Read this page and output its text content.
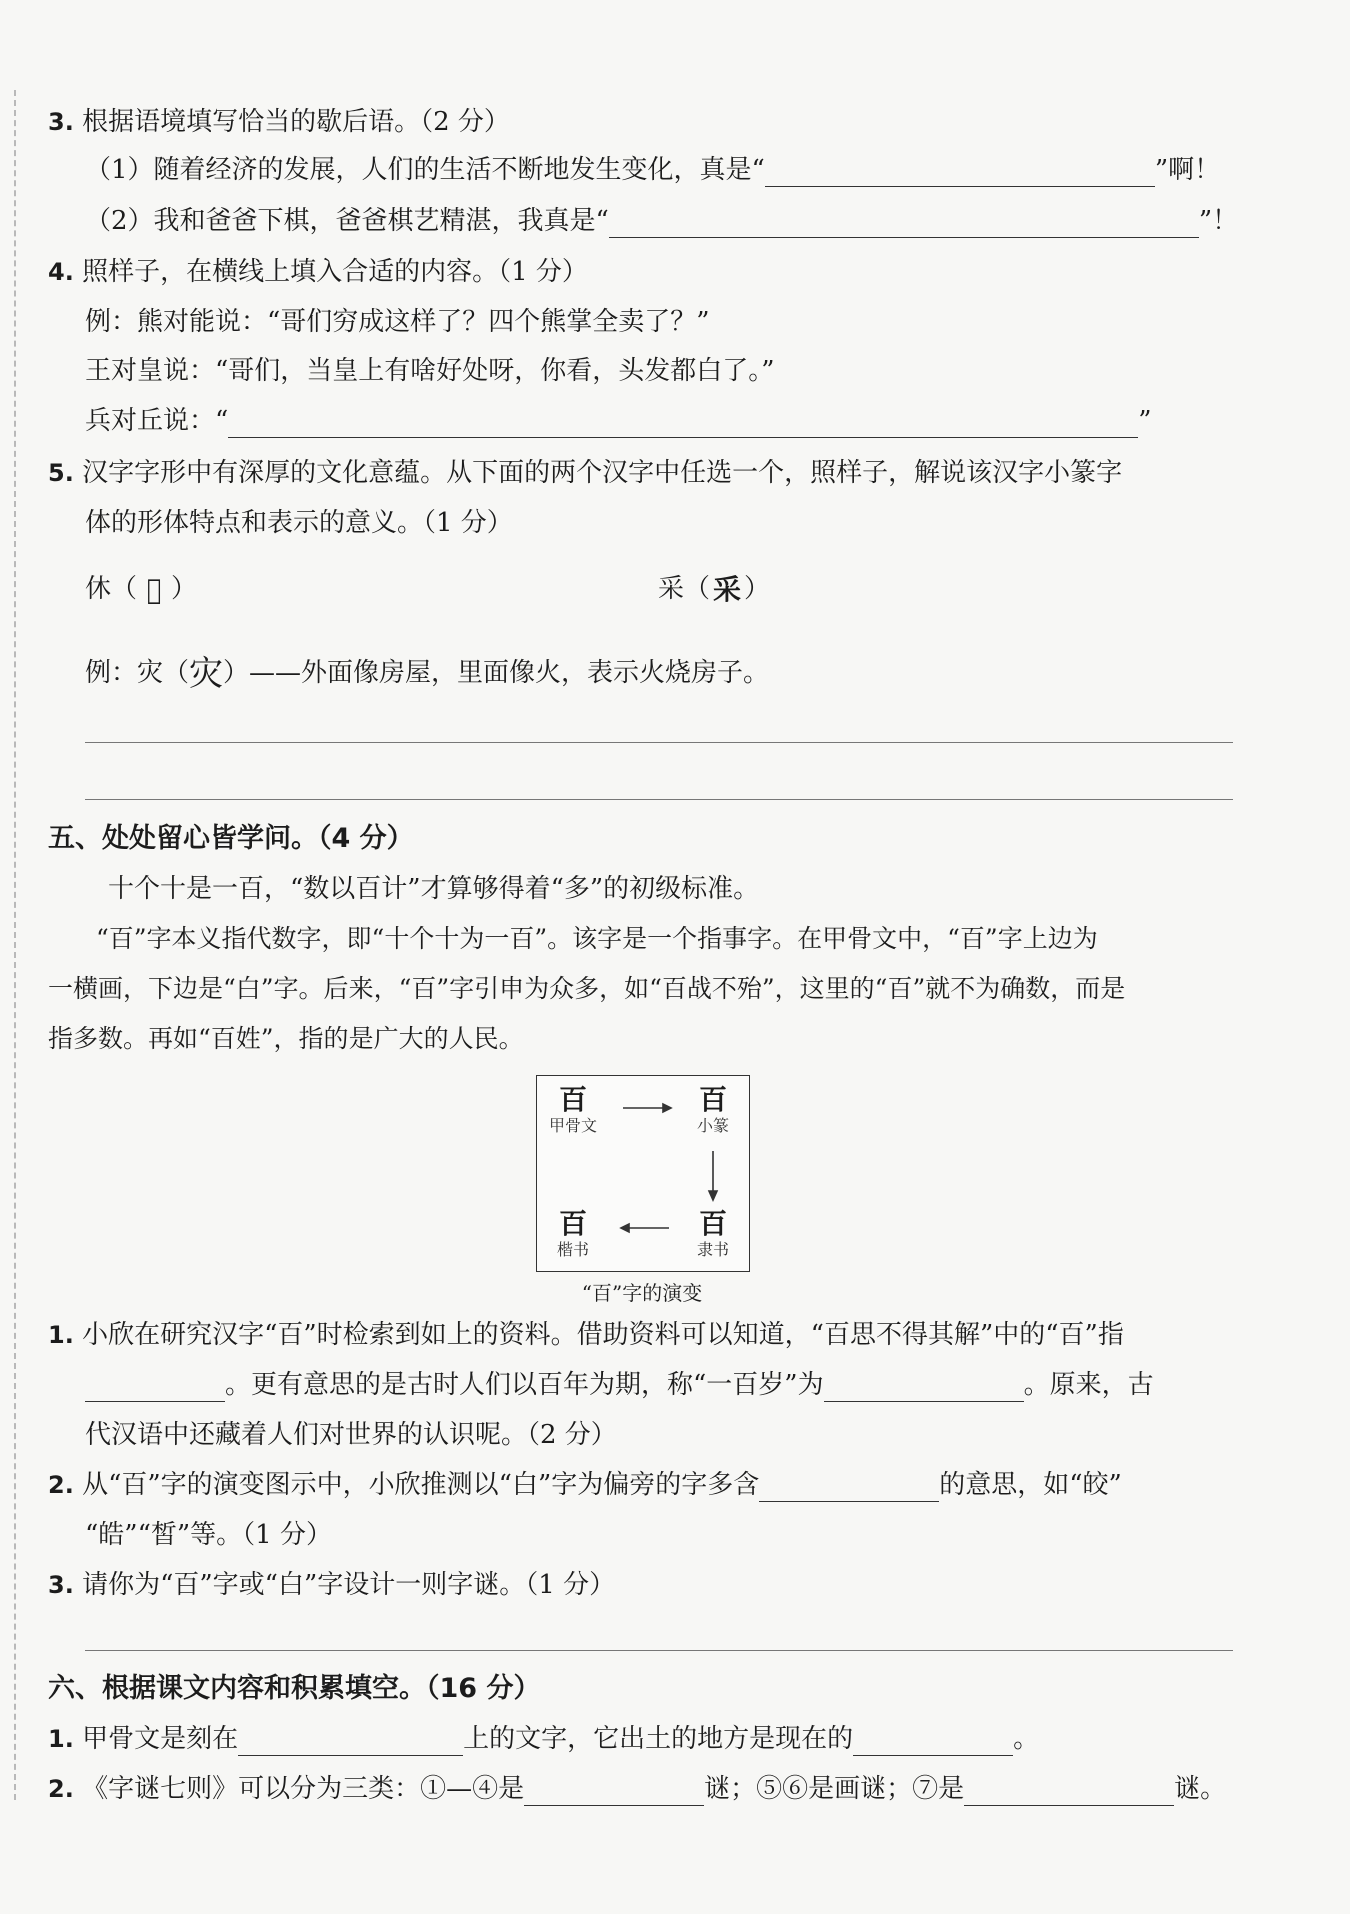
3. 根据语境填写恰当的歇后语。（2 分）
（1）随着经济的发展，人们的生活不断地发生变化，真是“	”啊！
（2）我和爸爸下棋，爸爸棋艺精湛，我真是“	”！
4. 照样子，在横线上填入合适的内容。（1 分）
例：熊对能说：“哥们穷成这样了？四个熊掌全卖了？”
王对皇说：“哥们，当皇上有啥好处呀，你看，头发都白了。”
兵对丘说：“	”
5. 汉字字形中有深厚的文化意蕴。从下面的两个汉字中任选一个，照样子，解说该汉字小篆字
体的形体特点和表示的意义。（1 分）
休（ 𠇷 ）	采（ 采 ）
例：灾（灾）——外面像房屋，里面像火，表示火烧房子。
五、处处留心皆学问。（4 分）
十个十是一百，“数以百计”才算够得着“多”的初级标准。
“百”字本义指代数字，即“十个十为一百”。该字是一个指事字。在甲骨文中，“百”字上边为
一横画，下边是“白”字。后来，“百”字引申为众多，如“百战不殆”，这里的“百”就不为确数，而是
指多数。再如“百姓”，指的是广大的人民。
百
甲骨文
百
小篆
百
隶书
百
楷书
“百”字的演变
1. 小欣在研究汉字“百”时检索到如上的资料。借助资料可以知道，“百思不得其解”中的“百”指
。更有意思的是古时人们以百年为期，称“一百岁”为	。原来，古
代汉语中还藏着人们对世界的认识呢。（2 分）
2. 从“百”字的演变图示中，小欣推测以“白”字为偏旁的字多含	的意思，如“皎”
“皓”“皙”等。（1 分）
3. 请你为“百”字或“白”字设计一则字谜。（1 分）
六、根据课文内容和积累填空。（16 分）
1. 甲骨文是刻在	上的文字，它出土的地方是现在的	。
2. 《字谜七则》可以分为三类：①—④是	谜；⑤⑥是画谜；⑦是	谜。
